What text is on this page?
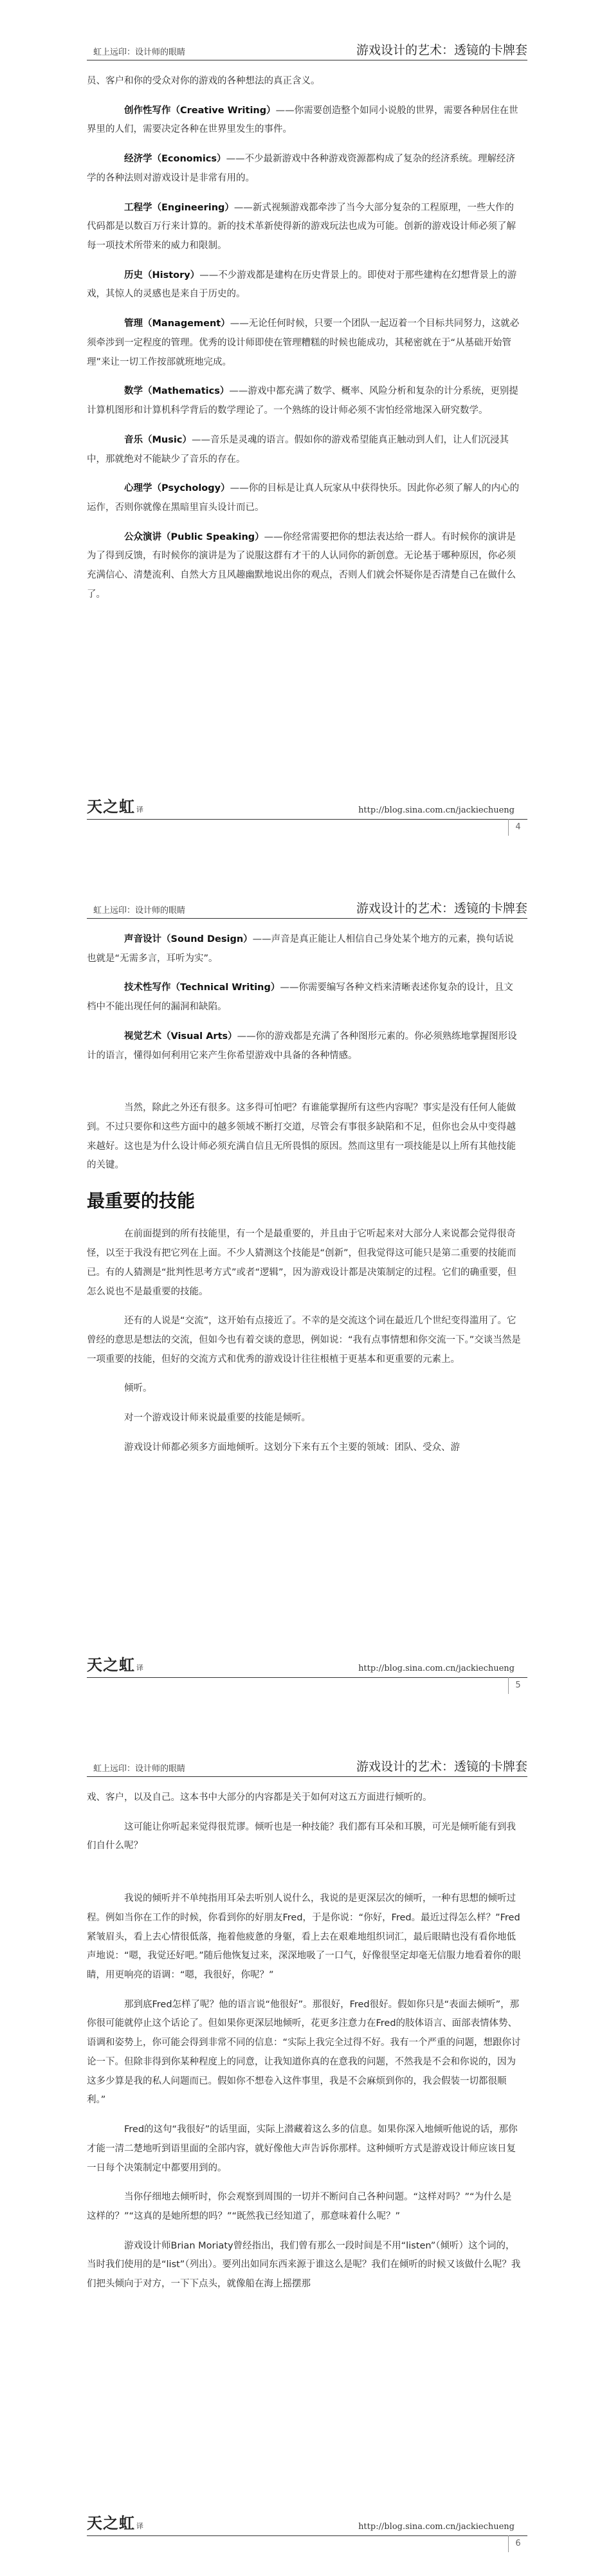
虹上远印：设计师的眼睛	游戏设计的艺术：透镜的卡牌套

员、客户和你的受众对你的游戏的各种想法的真正含义。

创作性写作（Creative Writing）——你需要创造整个如同小说般的世界，需要各种居住在世界里的人们，需要决定各种在世界里发生的事件。

经济学（Economics）——不少最新游戏中各种游戏资源都构成了复杂的经济系统。理解经济学的各种法则对游戏设计是非常有用的。

工程学（Engineering）——新式视频游戏都牵涉了当今大部分复杂的工程原理，一些大作的代码都是以数百万行来计算的。新的技术革新使得新的游戏玩法也成为可能。创新的游戏设计师必须了解每一项技术所带来的威力和限制。

历史（History）——不少游戏都是建构在历史背景上的。即使对于那些建构在幻想背景上的游戏，其惊人的灵感也是来自于历史的。

管理（Management）——无论任何时候，只要一个团队一起迈着一个目标共同努力，这就必须牵涉到一定程度的管理。优秀的设计师即使在管理糟糕的时候也能成功，其秘密就在于“从基础开始管理”来让一切工作按部就班地完成。

数学（Mathematics）——游戏中都充满了数学、概率、风险分析和复杂的计分系统，更别提计算机图形和计算机科学背后的数学理论了。一个熟练的设计师必须不害怕经常地深入研究数学。

音乐（Music）——音乐是灵魂的语言。假如你的游戏希望能真正触动到人们，让人们沉浸其中，那就绝对不能缺少了音乐的存在。

心理学（Psychology）——你的目标是让真人玩家从中获得快乐。因此你必须了解人的内心的运作，否则你就像在黑暗里盲头设计而已。

公众演讲（Public Speaking）——你经常需要把你的想法表达给一群人。有时候你的演讲是为了得到反馈，有时候你的演讲是为了说服这群有才干的人认同你的新创意。无论基于哪种原因，你必须充满信心、清楚流利、自然大方且风趣幽默地说出你的观点，否则人们就会怀疑你是否清楚自己在做什么了。

天之虹 译	http://blog.sina.com.cn/jackiechueng
4
虹上远印：设计师的眼睛	游戏设计的艺术：透镜的卡牌套

声音设计（Sound Design）——声音是真正能让人相信自己身处某个地方的元素，换句话说也就是“无需多言，耳听为实”。

技术性写作（Technical Writing）——你需要编写各种文档来清晰表述你复杂的设计，且文档中不能出现任何的漏洞和缺陷。

视觉艺术（Visual Arts）——你的游戏都是充满了各种图形元素的。你必须熟练地掌握图形设计的语言，懂得如何利用它来产生你希望游戏中具备的各种情感。

当然，除此之外还有很多。这多得可怕吧？有谁能掌握所有这些内容呢？事实是没有任何人能做到。不过只要你和这些方面中的越多领域不断打交道，尽管会有事很多缺陷和不足，但你也会从中变得越来越好。这也是为什么设计师必须充满自信且无所畏惧的原因。然而这里有一项技能是以上所有其他技能的关键。

最重要的技能

在前面提到的所有技能里，有一个是最重要的，并且由于它听起来对大部分人来说都会觉得很奇怪，以至于我没有把它列在上面。不少人猜测这个技能是“创新”，但我觉得这可能只是第二重要的技能而已。有的人猜测是“批判性思考方式”或者“逻辑”，因为游戏设计都是决策制定的过程。它们的确重要，但怎么说也不是最重要的技能。

还有的人说是“交流”，这开始有点接近了。不幸的是交流这个词在最近几个世纪变得滥用了。它曾经的意思是想法的交流，但如今也有着交谈的意思，例如说：“我有点事情想和你交流一下。”交谈当然是一项重要的技能，但好的交流方式和优秀的游戏设计往往根植于更基本和更重要的元素上。

倾听。

对一个游戏设计师来说最重要的技能是倾听。

游戏设计师都必须多方面地倾听。这划分下来有五个主要的领域：团队、受众、游

天之虹 译	http://blog.sina.com.cn/jackiechueng
5
虹上远印：设计师的眼睛	游戏设计的艺术：透镜的卡牌套

戏、客户，以及自己。这本书中大部分的内容都是关于如何对这五方面进行倾听的。

这可能让你听起来觉得很荒谬。倾听也是一种技能？我们都有耳朵和耳膜，可光是倾听能有到我们自什么呢？

我说的倾听并不单纯指用耳朵去听别人说什么，我说的是更深层次的倾听，一种有思想的倾听过程。例如当你在工作的时候，你看到你的好朋友Fred，于是你说：“你好，Fred。最近过得怎么样？”Fred紧皱眉头，看上去心情很低落，拖着他疲惫的身躯，看上去在艰难地组织词汇，最后眼睛也没有看你地低声地说：“嗯，我觉还好吧。”随后他恢复过来，深深地吸了一口气，好像很坚定却毫无信服力地看着你的眼睛，用更响亮的语调：“嗯，我很好，你呢？”

那到底Fred怎样了呢？他的语言说“他很好”。那很好，Fred很好。假如你只是“表面去倾听”，那你很可能就停止这个话论了。但如果你更深层地倾听，花更多注意力在Fred的肢体语言、面部表情体势、语调和姿势上，你可能会得到非常不同的信息：“实际上我完全过得不好。我有一个严重的问题，想跟你讨论一下。但除非得到你某种程度上的同意，让我知道你真的在意我的问题，不然我是不会和你说的，因为这多少算是我的私人问题而已。假如你不想卷入这件事里，我是不会麻烦到你的，我会假装一切都很顺利。”

Fred的这句“我很好”的话里面，实际上潜藏着这么多的信息。如果你深入地倾听他说的话，那你才能一清二楚地听到语里面的全部内容，就好像他大声告诉你那样。这种倾听方式是游戏设计师应该日复一日每个决策制定中都要用到的。

当你仔细地去倾听时，你会观察到周围的一切并不断问自己各种问题。“这样对吗？”“为什么是这样的？”“这真的是她所想的吗？”“既然我已经知道了，那意味着什么呢？”

游戏设计师Brian Moriaty曾经指出，我们曾有那么一段时间是不用“listen”（倾听）这个词的，当时我们使用的是“list”（列出）。要列出如同东西来源于谁这么是呢？我们在倾听的时候又该做什么呢？我们把头倾向于对方，一下下点头，就像船在海上摇摆那

天之虹 译	http://blog.sina.com.cn/jackiechueng
6
